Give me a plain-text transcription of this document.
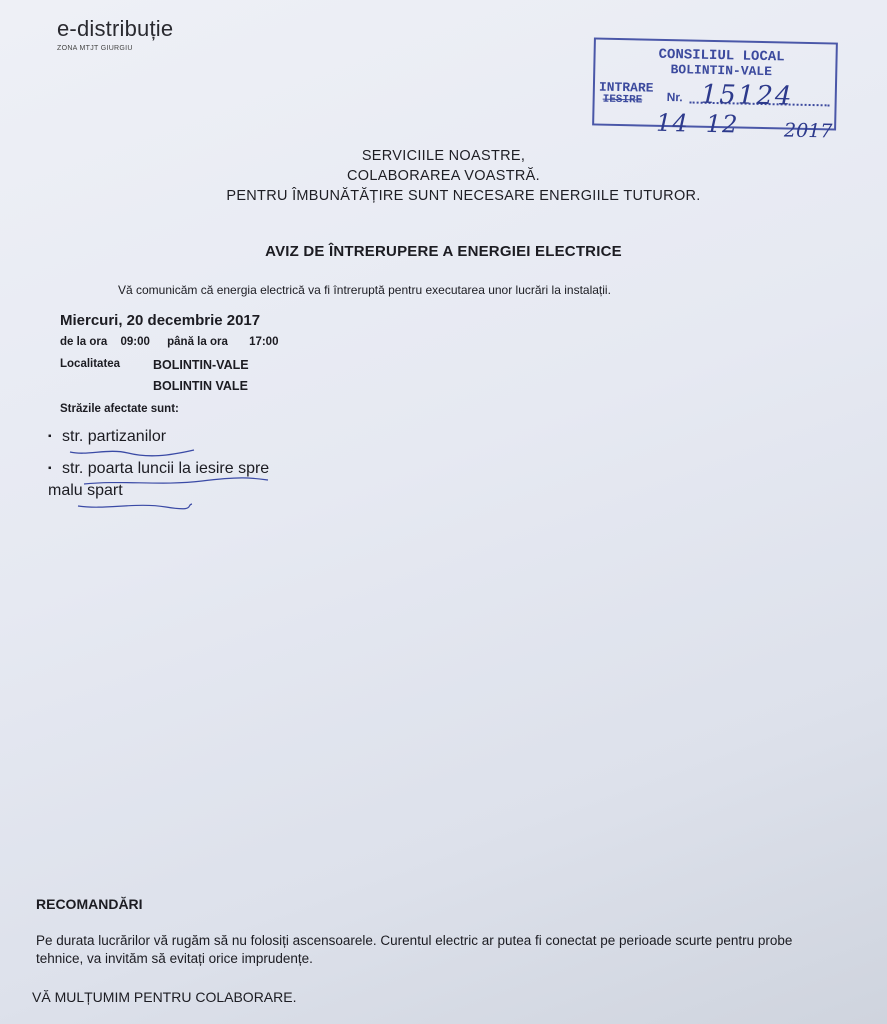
e-distribuție
ZONA MTJT GIURGIU	CONSILIUL LOCAL
BOLINTIN-VALE
INTRARE
IESIRE Nr. 15124
14  12 2017
SERVICIILE NOASTRE,
COLABORAREA VOASTRĂ.
PENTRU ÎMBUNĂTĂȚIRE SUNT NECESARE ENERGIILE TUTUROR.
AVIZ DE ÎNTRERUPERE A ENERGIEI ELECTRICE
Vă comunicăm că energia electrică va fi întreruptă pentru executarea unor lucrări la instalații.
Miercuri, 20 decembrie 2017
de la ora 09:00 până la ora 17:00
Localitatea	BOLINTIN-VALE
BOLINTIN VALE
Străzile afectate sunt:
▪ str. partizanilor
▪ str. poarta luncii la iesire spre malu spart
RECOMANDĂRI
Pe durata lucrărilor vă rugăm să nu folosiți ascensoarele. Curentul electric ar putea fi conectat pe perioade scurte pentru probe tehnice, va invităm să evitați orice imprudențe.
VĂ MULȚUMIM PENTRU COLABORARE.
